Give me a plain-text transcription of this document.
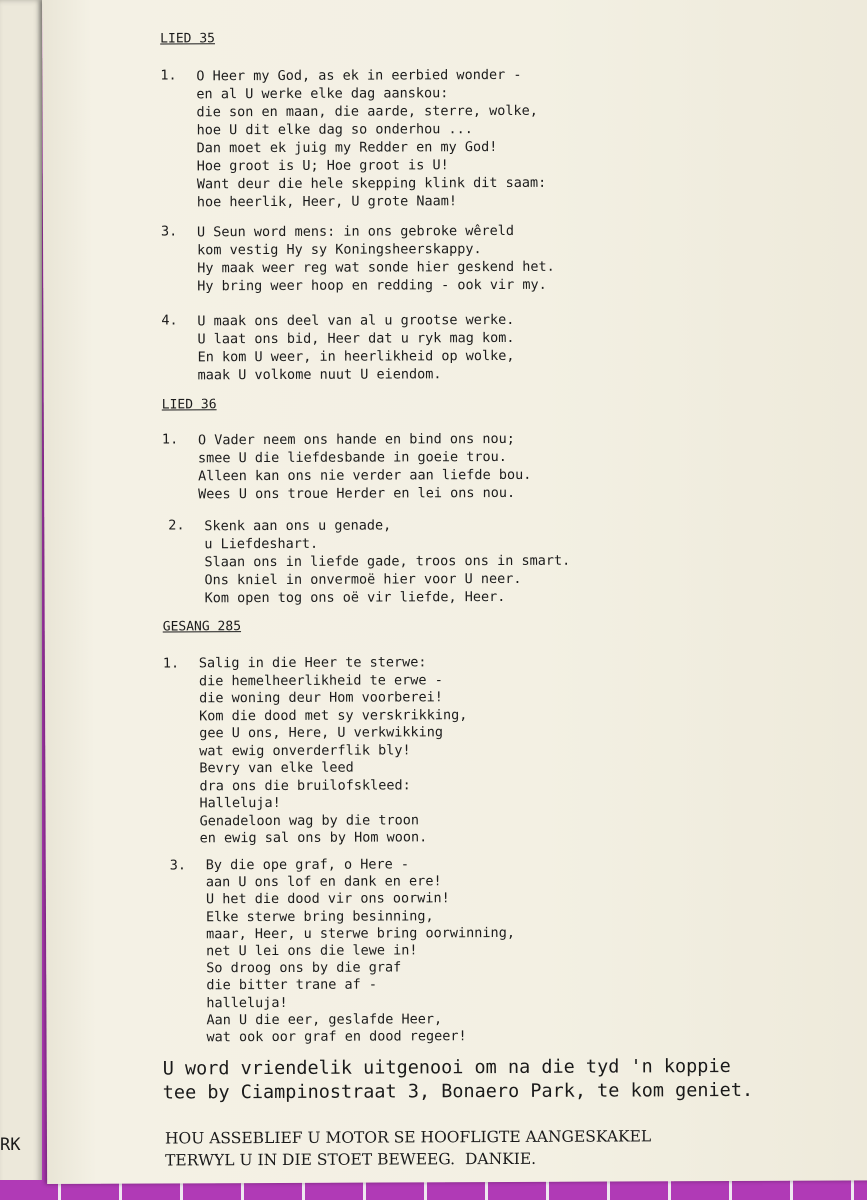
RK
LIED 35
1. O Heer my God, as ek in eerbied wonder -
en al U werke elke dag aanskou:
die son en maan, die aarde, sterre, wolke,
hoe U dit elke dag so onderhou ...
Dan moet ek juig my Redder en my God!
Hoe groot is U; Hoe groot is U!
Want deur die hele skepping klink dit saam:
hoe heerlik, Heer, U grote Naam!
3. U Seun word mens: in ons gebroke wêreld
kom vestig Hy sy Koningsheerskappy.
Hy maak weer reg wat sonde hier geskend het.
Hy bring weer hoop en redding - ook vir my.
4. U maak ons deel van al u grootse werke.
U laat ons bid, Heer dat u ryk mag kom.
En kom U weer, in heerlikheid op wolke,
maak U volkome nuut U eiendom.
LIED 36
1. O Vader neem ons hande en bind ons nou;
smee U die liefdesbande in goeie trou.
Alleen kan ons nie verder aan liefde bou.
Wees U ons troue Herder en lei ons nou.
2. Skenk aan ons u genade,
u Liefdeshart.
Slaan ons in liefde gade, troos ons in smart.
Ons kniel in onvermoë hier voor U neer.
Kom open tog ons oë vir liefde, Heer.
GESANG 285
1. Salig in die Heer te sterwe:
die hemelheerlikheid te erwe -
die woning deur Hom voorberei!
Kom die dood met sy verskrikking,
gee U ons, Here, U verkwikking
wat ewig onverderflik bly!
Bevry van elke leed
dra ons die bruilofskleed:
Halleluja!
Genadeloon wag by die troon
en ewig sal ons by Hom woon.
3. By die ope graf, o Here -
aan U ons lof en dank en ere!
U het die dood vir ons oorwin!
Elke sterwe bring besinning,
maar, Heer, u sterwe bring oorwinning,
net U lei ons die lewe in!
So droog ons by die graf
die bitter trane af -
halleluja!
Aan U die eer, geslafde Heer,
wat ook oor graf en dood regeer!
U word vriendelik uitgenooi om na die tyd 'n koppie
tee by Ciampinostraat 3, Bonaero Park, te kom geniet.
HOU ASSEBLIEF U MOTOR SE HOOFLIGTE AANGESKAKEL
TERWYL U IN DIE STOET BEWEEG.  DANKIE.
